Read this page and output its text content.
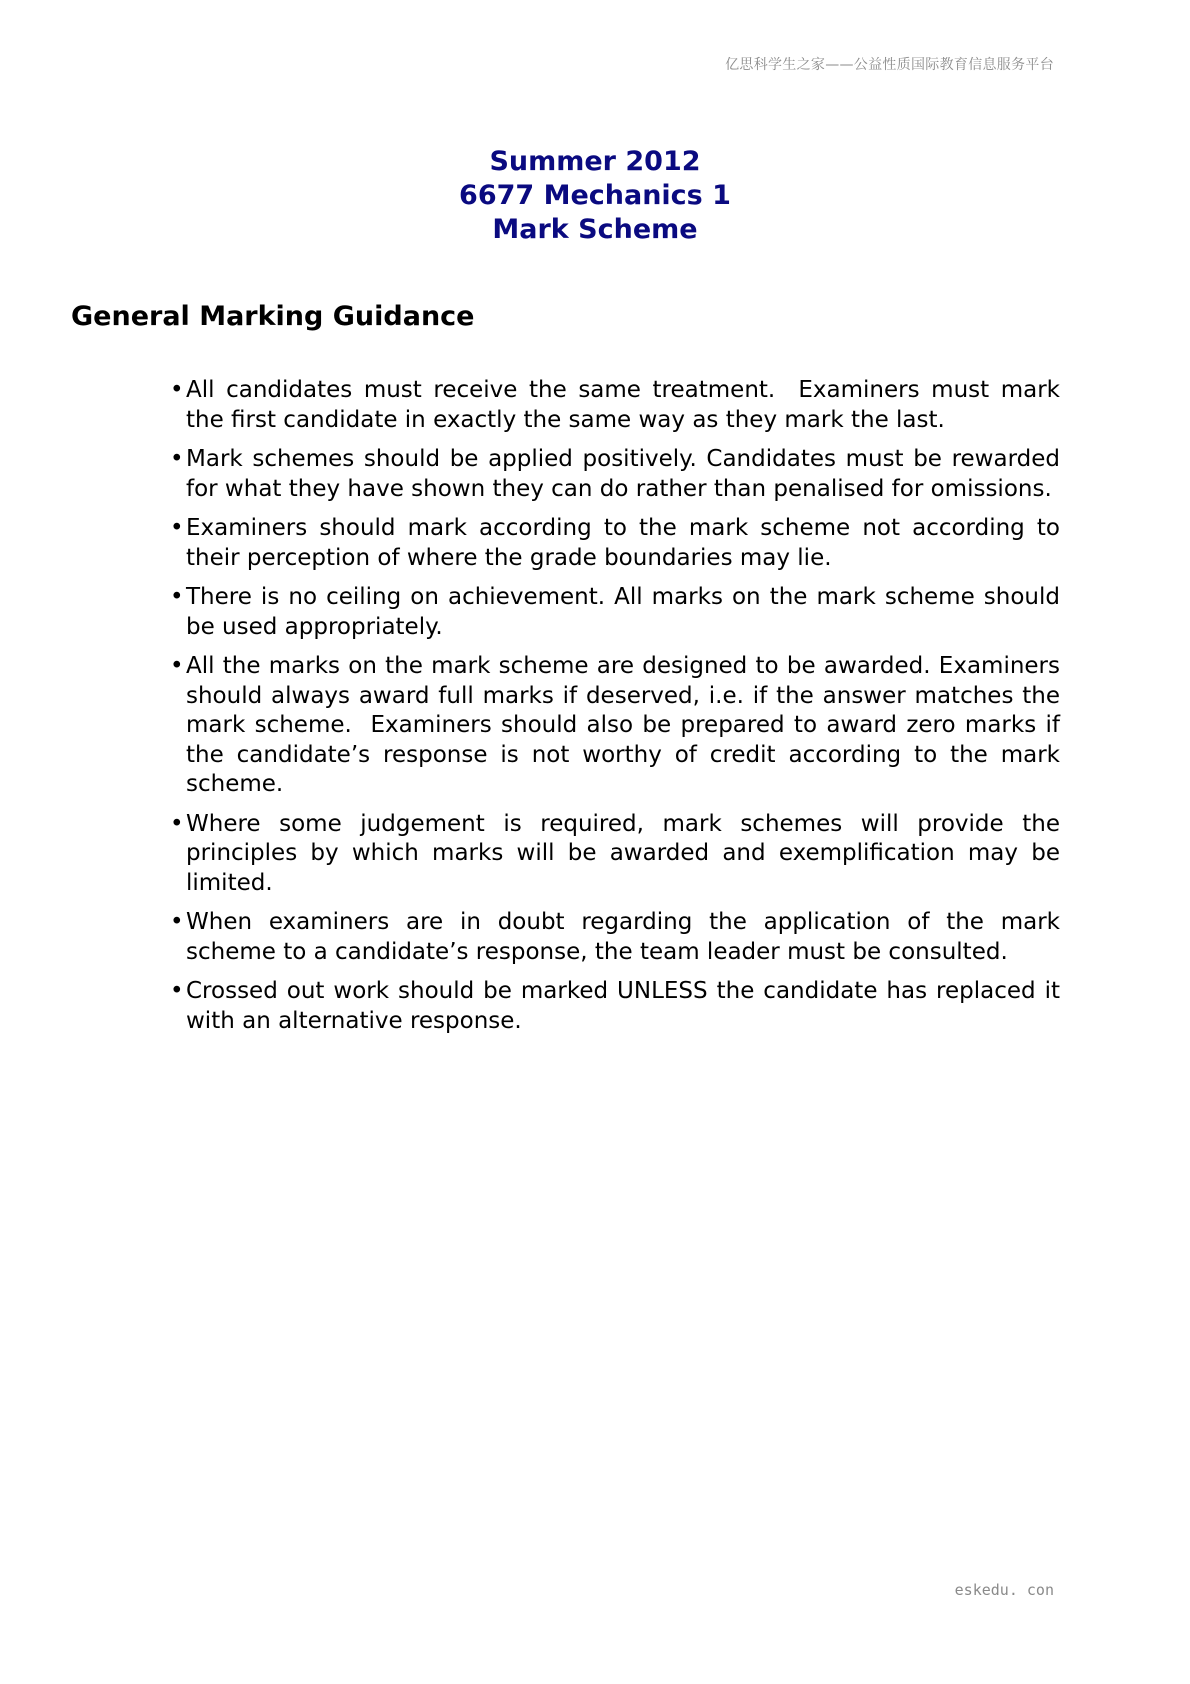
亿思科学生之家——公益性质国际教育信息服务平台
Summer 2012
6677 Mechanics 1
Mark Scheme
General Marking Guidance
• All candidates must receive the same treatment.  Examiners must mark the first candidate in exactly the same way as they mark the last.
• Mark schemes should be applied positively. Candidates must be rewarded for what they have shown they can do rather than penalised for omissions.
• Examiners should mark according to the mark scheme not according to their perception of where the grade boundaries may lie.
• There is no ceiling on achievement. All marks on the mark scheme should be used appropriately.
• All the marks on the mark scheme are designed to be awarded. Examiners should always award full marks if deserved, i.e. if the answer matches the mark scheme.  Examiners should also be prepared to award zero marks if the candidate’s response is not worthy of credit according to the mark scheme.
• Where some judgement is required, mark schemes will provide the principles by which marks will be awarded and exemplification may be limited.
• When examiners are in doubt regarding the application of the mark scheme to a candidate’s response, the team leader must be consulted.
• Crossed out work should be marked UNLESS the candidate has replaced it with an alternative response.
eskedu. con
